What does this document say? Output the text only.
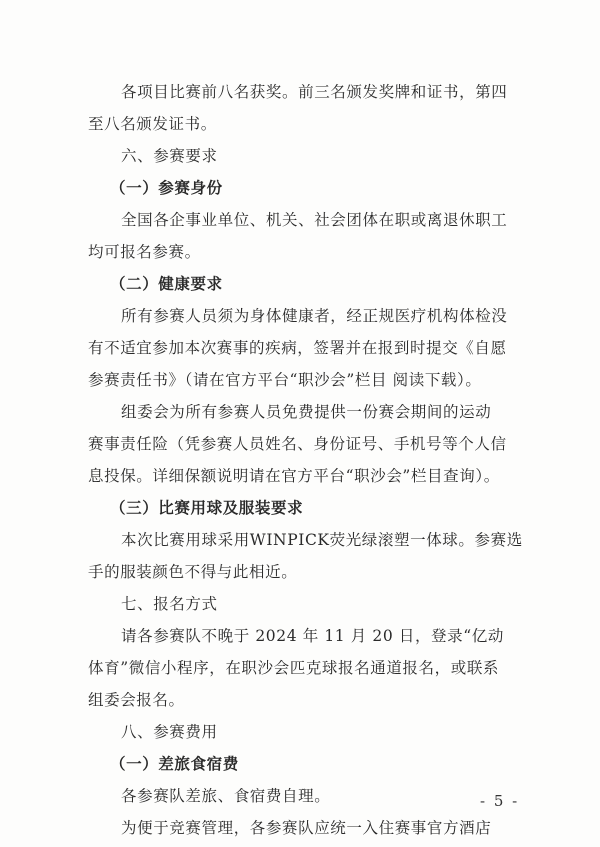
各项目比赛前八名获奖。前三名颁发奖牌和证书，第四
至八名颁发证书。
六、参赛要求
（一）参赛身份
全国各企事业单位、机关、社会团体在职或离退休职工
均可报名参赛。
（二）健康要求
所有参赛人员须为身体健康者，经正规医疗机构体检没
有不适宜参加本次赛事的疾病，签署并在报到时提交《自愿
参赛责任书》（请在官方平台“职沙会”栏目 阅读下载）。
组委会为所有参赛人员免费提供一份赛会期间的运动
赛事责任险（凭参赛人员姓名、身份证号、手机号等个人信
息投保。详细保额说明请在官方平台“职沙会”栏目查询）。
（三）比赛用球及服装要求
本次比赛用球采用WINPICK荧光绿滚塑一体球。参赛选
手的服装颜色不得与此相近。
七、报名方式
请各参赛队不晚于 2024 年 11 月 20 日，登录“亿动
体育”微信小程序，在职沙会匹克球报名通道报名，或联系
组委会报名。
八、参赛费用
（一）差旅食宿费
各参赛队差旅、食宿费自理。
为便于竞赛管理，各参赛队应统一入住赛事官方酒店
- 5 -
